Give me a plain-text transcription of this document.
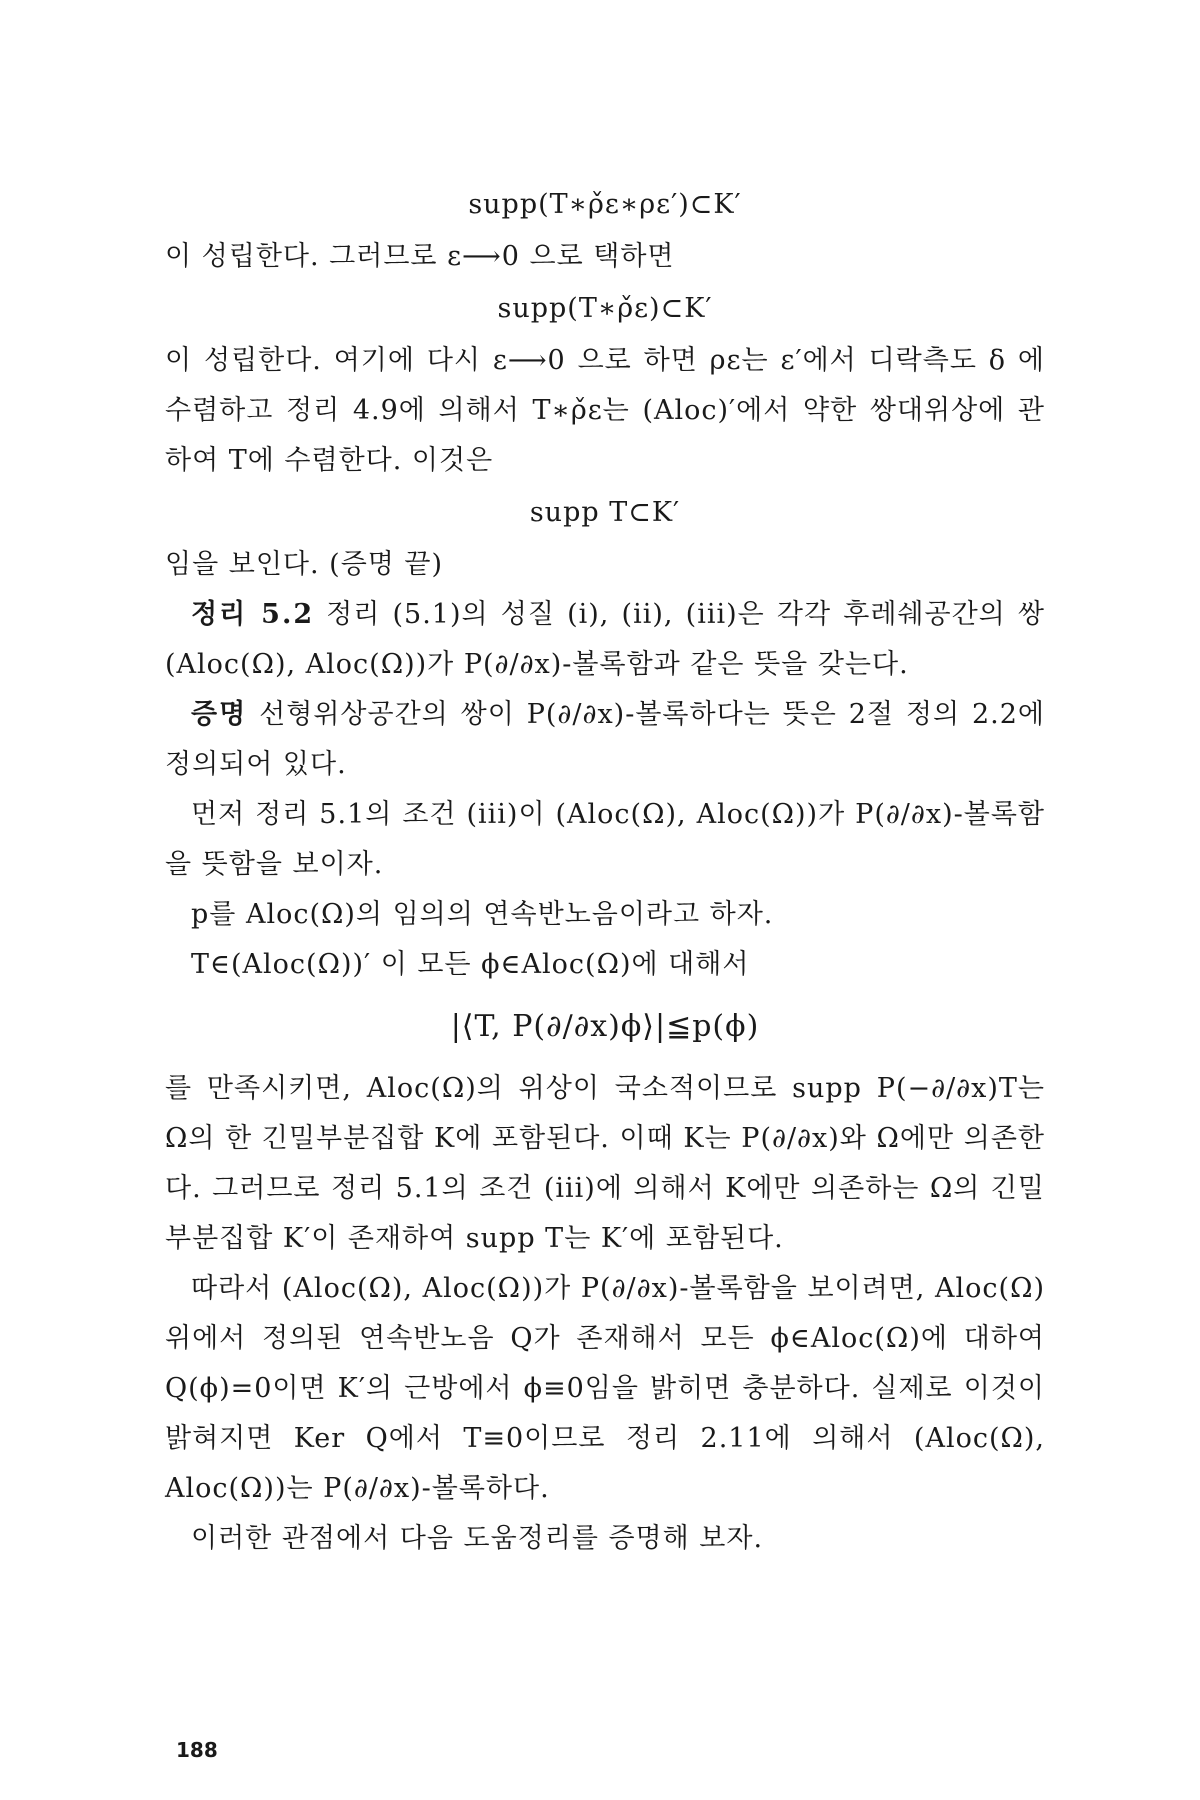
supp(T∗ρ̌ε∗ρε′)⊂K′

이 성립한다. 그러므로 ε⟶0 으로 택하면

supp(T∗ρ̌ε)⊂K′

이 성립한다. 여기에 다시 ε⟶0 으로 하면 ρε는 ε′에서 디락측도 δ 에 수렴하고 정리 4.9에 의해서 T∗ρ̌ε는 (Aloc)′에서 약한 쌍대위상에 관하여 T에 수렴한다. 이것은

supp T⊂K′

임을 보인다. (증명 끝)

정리 5.2 정리 (5.1)의 성질 (i), (ii), (iii)은 각각 후레쉐공간의 쌍 (Aloc(Ω), Aloc(Ω))가 P(∂/∂x)-볼록함과 같은 뜻을 갖는다.

증명 선형위상공간의 쌍이 P(∂/∂x)-볼록하다는 뜻은 2절 정의 2.2에 정의되어 있다.

먼저 정리 5.1의 조건 (iii)이 (Aloc(Ω), Aloc(Ω))가 P(∂/∂x)-볼록함을 뜻함을 보이자.

p를 Aloc(Ω)의 임의의 연속반노음이라고 하자.

T∈(Aloc(Ω))′ 이 모든 ϕ∈Aloc(Ω)에 대해서

|⟨T, P(∂/∂x)ϕ⟩|≦p(ϕ)

를 만족시키면, Aloc(Ω)의 위상이 국소적이므로 supp P(−∂/∂x)T는 Ω의 한 긴밀부분집합 K에 포함된다. 이때 K는 P(∂/∂x)와 Ω에만 의존한다. 그러므로 정리 5.1의 조건 (iii)에 의해서 K에만 의존하는 Ω의 긴밀부분집합 K′이 존재하여 supp T는 K′에 포함된다.

따라서 (Aloc(Ω), Aloc(Ω))가 P(∂/∂x)-볼록함을 보이려면, Aloc(Ω) 위에서 정의된 연속반노음 Q가 존재해서 모든 ϕ∈Aloc(Ω)에 대하여 Q(ϕ)=0이면 K′의 근방에서 ϕ≡0임을 밝히면 충분하다. 실제로 이것이 밝혀지면 Ker Q에서 T≡0이므로 정리 2.11에 의해서 (Aloc(Ω), Aloc(Ω))는 P(∂/∂x)-볼록하다.

이러한 관점에서 다음 도움정리를 증명해 보자.

188
